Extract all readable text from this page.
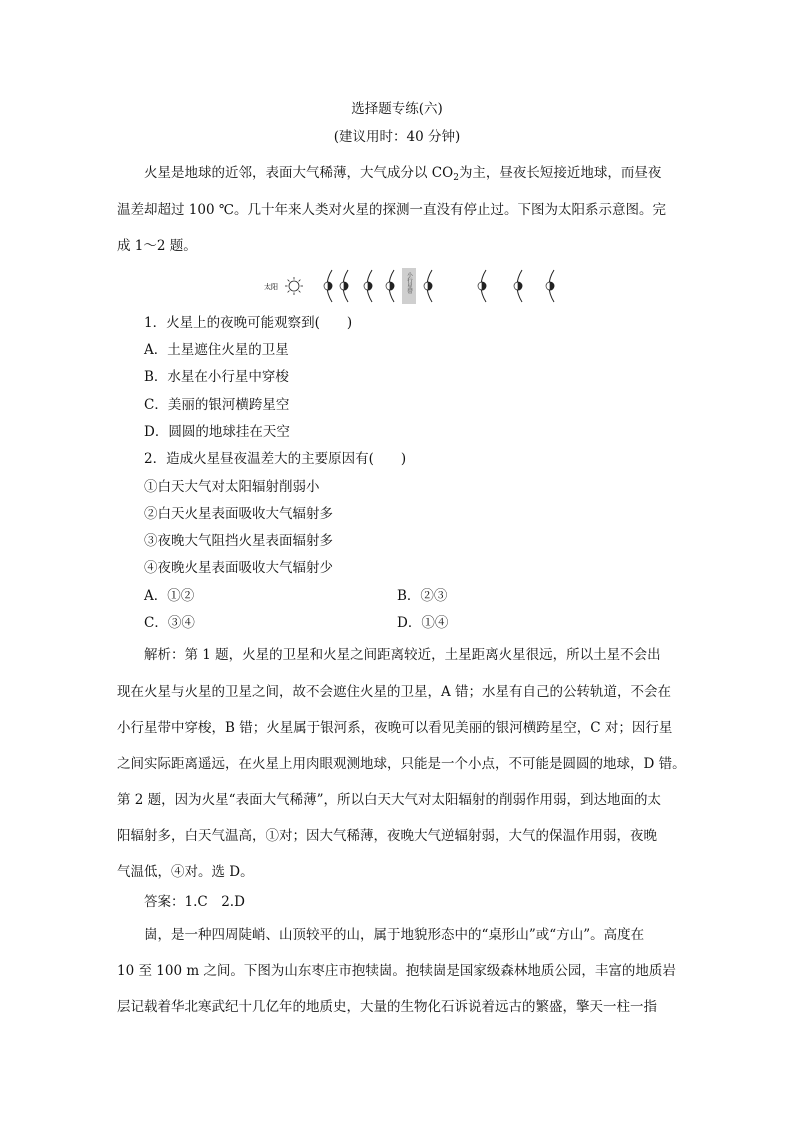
选择题专练(六)
(建议用时：40 分钟)
火星是地球的近邻，表面大气稀薄，大气成分以 $CO_2$为主，昼夜长短接近地球，而昼夜
温差却超过 100 ℃。几十年来人类对火星的探测一直没有停止过。下图为太阳系示意图。完
成 1～2 题。
太阳	小行星带
1．火星上的夜晚可能观察到(　　)
A．土星遮住火星的卫星
B．水星在小行星中穿梭
C．美丽的银河横跨星空
D．圆圆的地球挂在天空
2．造成火星昼夜温差大的主要原因有(　　)
①白天大气对太阳辐射削弱小
②白天火星表面吸收大气辐射多
③夜晚大气阻挡火星表面辐射多
④夜晚火星表面吸收大气辐射少
A．①②	B．②③
C．③④	D．①④
解析：第 1 题，火星的卫星和火星之间距离较近，土星距离火星很远，所以土星不会出
现在火星与火星的卫星之间，故不会遮住火星的卫星，A 错；水星有自己的公转轨道，不会在
小行星带中穿梭，B 错；火星属于银河系，夜晚可以看见美丽的银河横跨星空，C 对；因行星
之间实际距离遥远，在火星上用肉眼观测地球，只能是一个小点，不可能是圆圆的地球，D 错。
第 2 题，因为火星“表面大气稀薄”，所以白天大气对太阳辐射的削弱作用弱，到达地面的太
阳辐射多，白天气温高，①对；因大气稀薄，夜晚大气逆辐射弱，大气的保温作用弱，夜晚
气温低，④对。选 D。
答案：1.C　2.D
崮，是一种四周陡峭、山顶较平的山，属于地貌形态中的“桌形山”或“方山”。高度在
10 至 100 m 之间。下图为山东枣庄市抱犊崮。抱犊崮是国家级森林地质公园，丰富的地质岩
层记载着华北寒武纪十几亿年的地质史，大量的生物化石诉说着远古的繁盛，擎天一柱一指
